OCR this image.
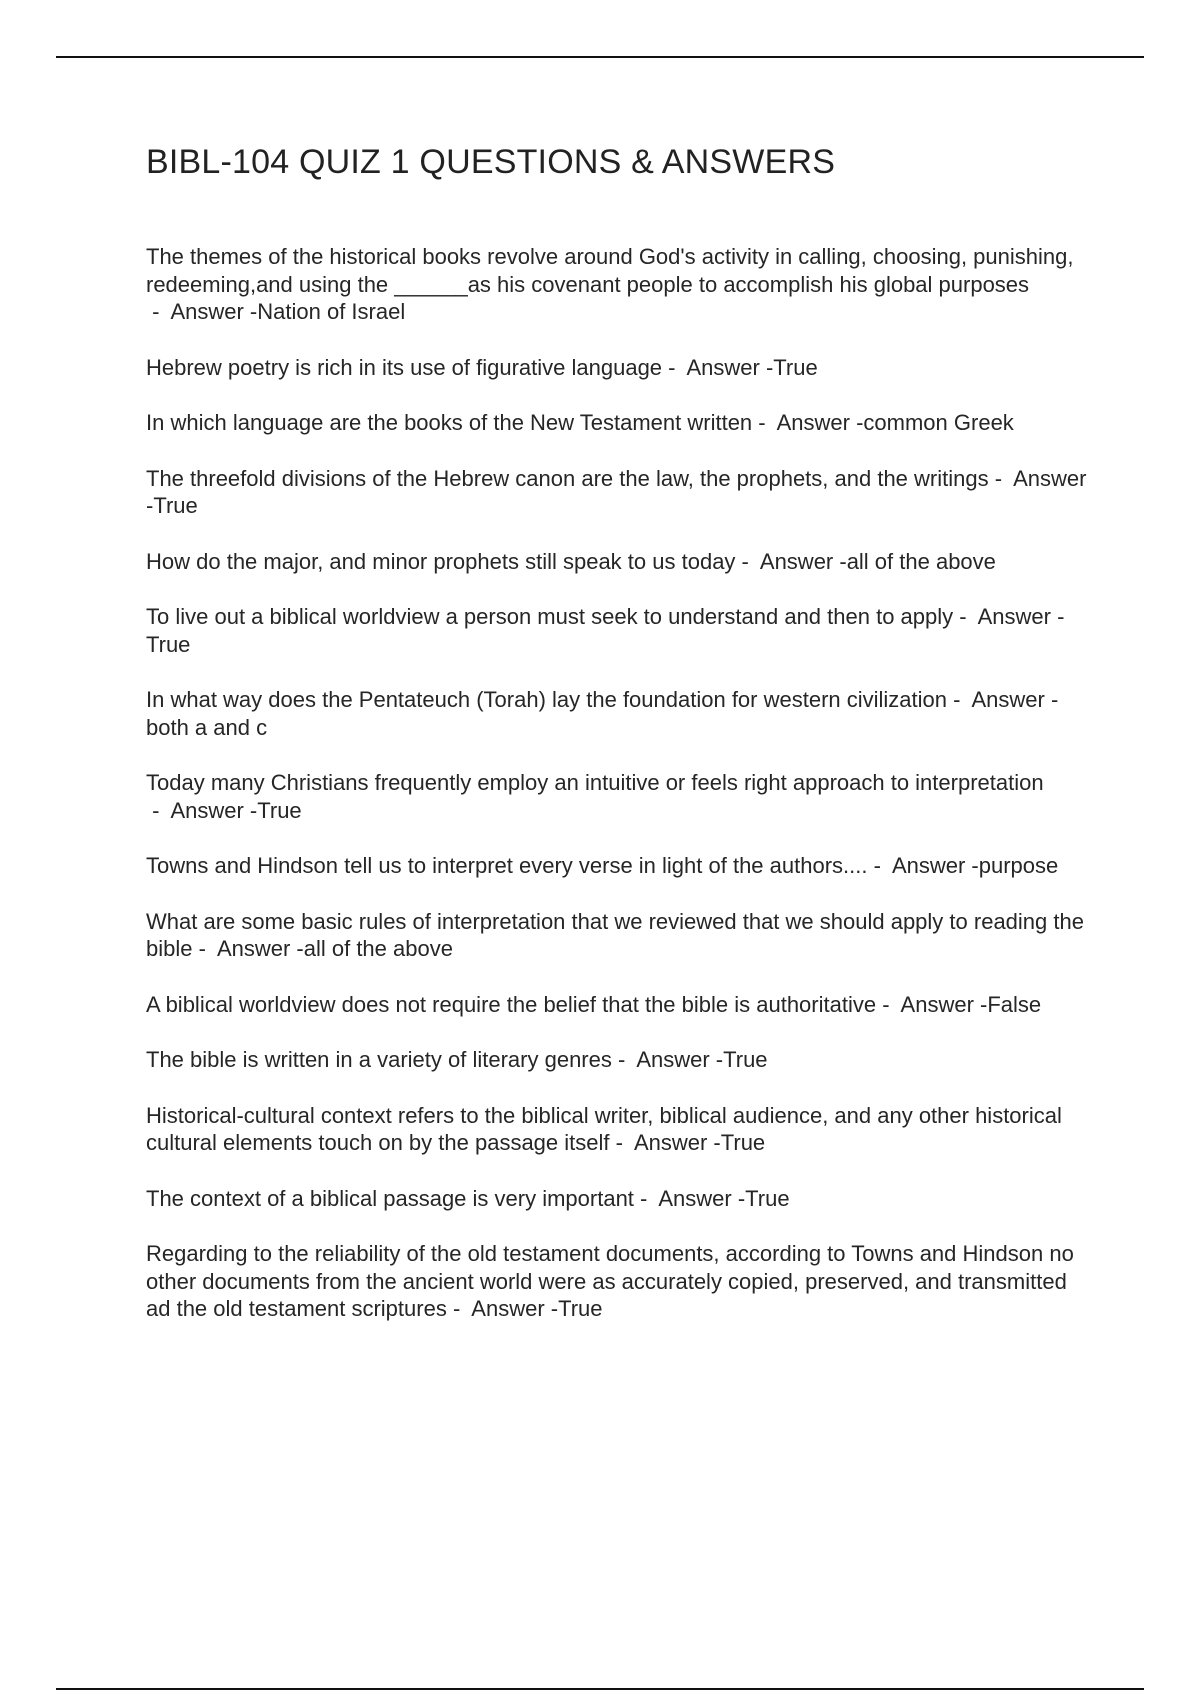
BIBL-104 QUIZ 1 QUESTIONS & ANSWERS
The themes of the historical books revolve around God's activity in calling, choosing, punishing, redeeming,and using the ______as his covenant people to accomplish his global purposes -  Answer -Nation of Israel
Hebrew poetry is rich in its use of figurative language -  Answer -True
In which language are the books of the New Testament written -  Answer -common Greek
The threefold divisions of the Hebrew canon are the law, the prophets, and the writings -  Answer -True
How do the major, and minor prophets still speak to us today -  Answer -all of the above
To live out a biblical worldview a person must seek to understand and then to apply -  Answer -True
In what way does the Pentateuch (Torah) lay the foundation for western civilization -  Answer -both a and c
Today many Christians frequently employ an intuitive or feels right approach to interpretation -  Answer -True
Towns and Hindson tell us to interpret every verse in light of the authors.... -  Answer -purpose
What are some basic rules of interpretation that we reviewed that we should apply to reading the bible -  Answer -all of the above
A biblical worldview does not require the belief that the bible is authoritative -  Answer -False
The bible is written in a variety of literary genres -  Answer -True
Historical-cultural context refers to the biblical writer, biblical audience, and any other historical cultural elements touch on by the passage itself -  Answer -True
The context of a biblical passage is very important -  Answer -True
Regarding to the reliability of the old testament documents, according to Towns and Hindson no other documents from the ancient world were as accurately copied, preserved, and transmitted ad the old testament scriptures -  Answer -True
